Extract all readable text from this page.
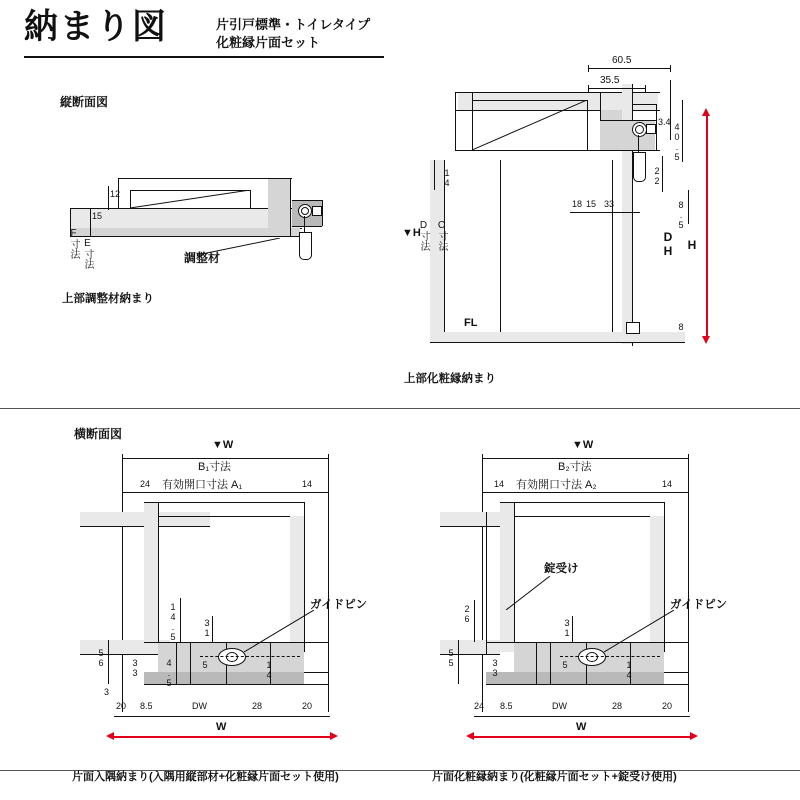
納まり図	片引戸標準・トイレタイプ
化粧縁片面セット
縦断面図
横断面図
12
15
F寸法 E寸法	調整材
上部調整材納まり
FL
60.5
35.5
3.4 40.5
22
8.5
8
DH H
14
D寸法 C寸法
▼H
18 15 33
上部化粧縁納まり
▼W
B₁寸法
24 有効開口寸法 A₁	14
ガイドピン
14.5	31
56	33	4.5	5	14
3
20 8.5	DW	28	20
W
片面入隅納まり(入隅用縦部材+化粧縁片面セット使用)
▼W
B₂寸法
14 有効開口寸法 A₂	14
錠受け
ガイドピン
26
31
55	33	5	14
24 8.5	DW	28	20
W
片面化粧縁納まり(化粧縁片面セット+錠受け使用)
